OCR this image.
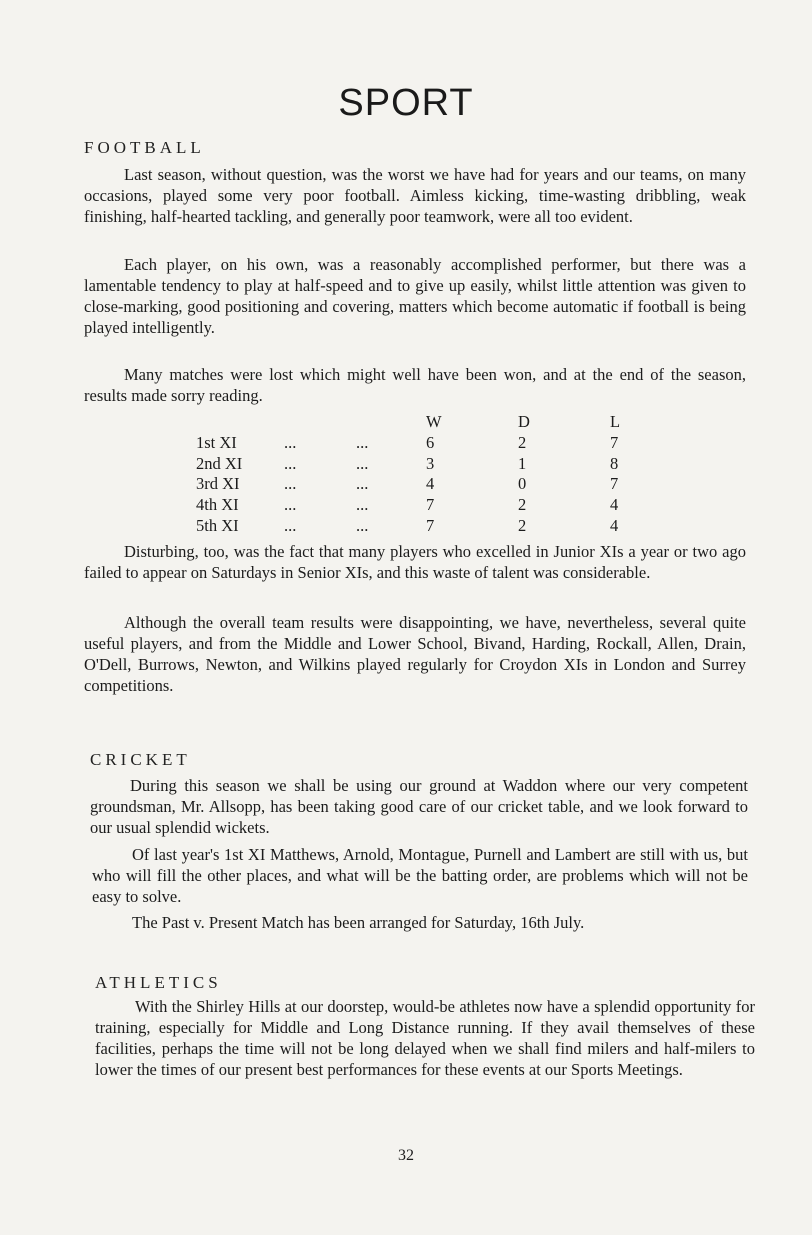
SPORT
FOOTBALL

Last season, without question, was the worst we have had for years and our teams, on many occasions, played some very poor football. Aimless kicking, time-wasting dribbling, weak finishing, half-hearted tackling, and generally poor teamwork, were all too evident.

Each player, on his own, was a reasonably accomplished performer, but there was a lamentable tendency to play at half-speed and to give up easily, whilst little attention was given to close-marking, good positioning and covering, matters which become automatic if football is being played intelligently.

Many matches were lost which might well have been won, and at the end of the season, results made sorry reading.

			W	D	L
1st XI	...	...	6	2	7
2nd XI	...	...	3	1	8
3rd XI	...	...	4	0	7
4th XI	...	...	7	2	4
5th XI	...	...	7	2	4

Disturbing, too, was the fact that many players who excelled in Junior XIs a year or two ago failed to appear on Saturdays in Senior XIs, and this waste of talent was considerable.

Although the overall team results were disappointing, we have, nevertheless, several quite useful players, and from the Middle and Lower School, Bivand, Harding, Rockall, Allen, Drain, O'Dell, Burrows, Newton, and Wilkins played regularly for Croydon XIs in London and Surrey competitions.

CRICKET

During this season we shall be using our ground at Waddon where our very competent groundsman, Mr. Allsopp, has been taking good care of our cricket table, and we look forward to our usual splendid wickets.

Of last year's 1st XI Matthews, Arnold, Montague, Purnell and Lambert are still with us, but who will fill the other places, and what will be the batting order, are problems which will not be easy to solve.

The Past v. Present Match has been arranged for Saturday, 16th July.

ATHLETICS

With the Shirley Hills at our doorstep, would-be athletes now have a splendid opportunity for training, especially for Middle and Long Distance running. If they avail themselves of these facilities, perhaps the time will not be long delayed when we shall find milers and half-milers to lower the times of our present best performances for these events at our Sports Meetings.

32
